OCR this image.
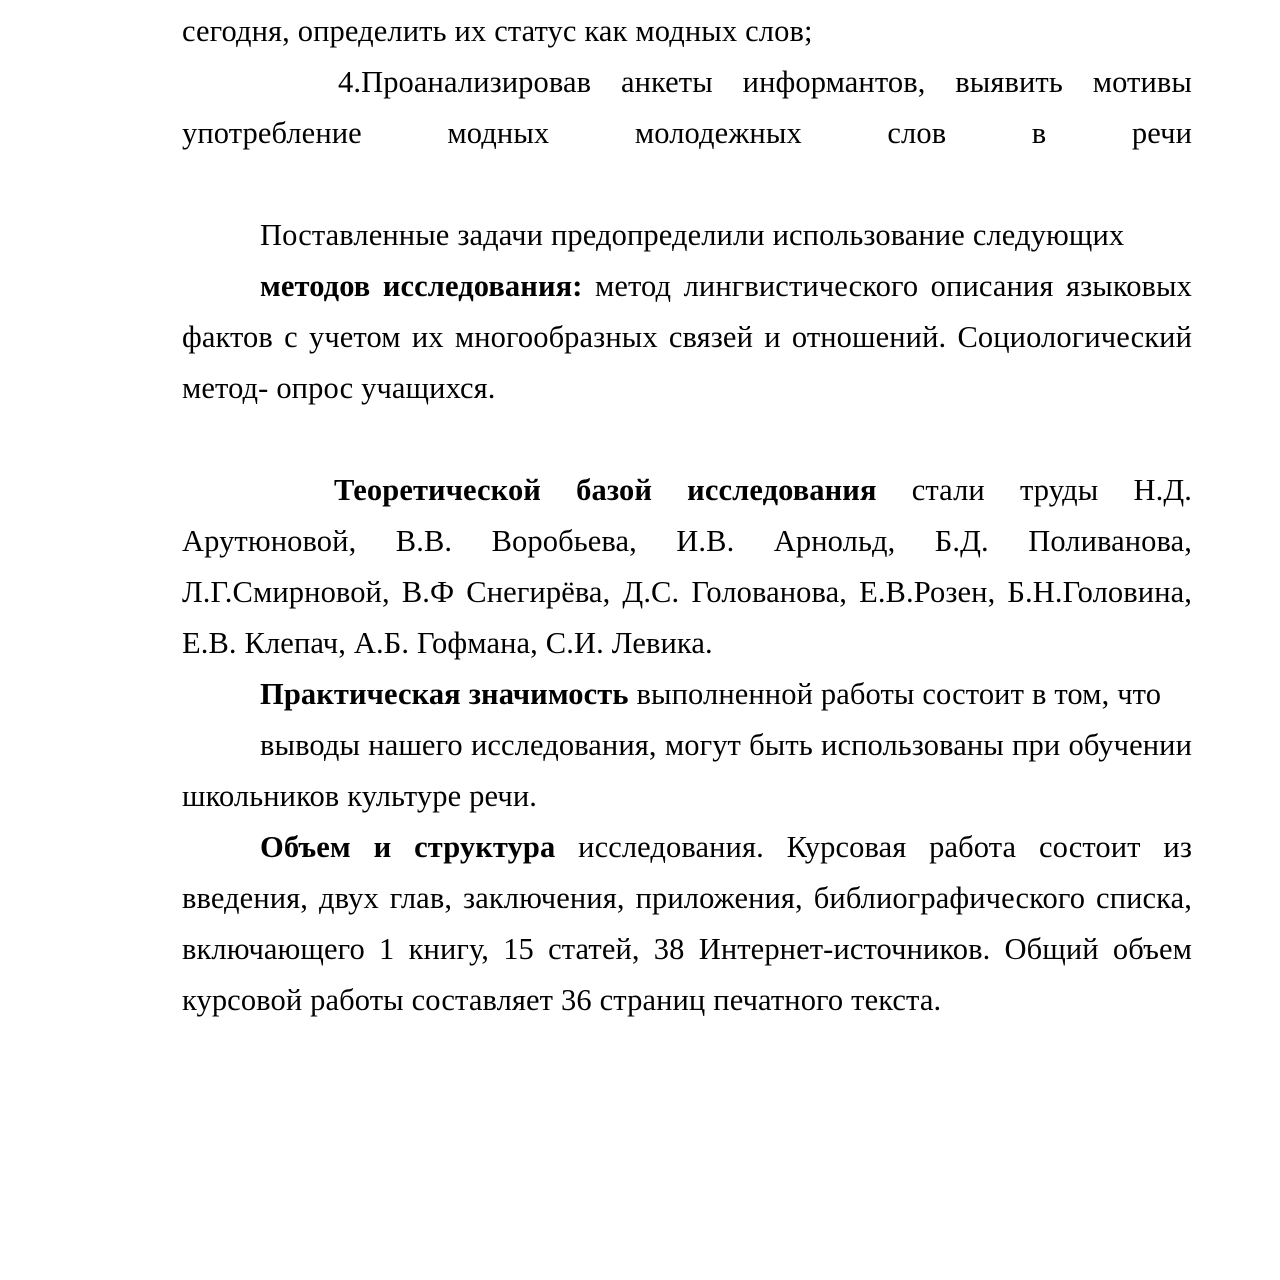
сегодня, определить их статус как модных слов;

4.Проанализировав анкеты информантов, выявить мотивы употребление модных молодежных слов в речи

Поставленные задачи предопределили использование следующих

методов исследования: метод лингвистического описания языковых фактов с учетом их многообразных связей и отношений. Социологический метод- опрос учащихся.

Теоретической базой исследования стали труды Н.Д. Арутюновой, В.В. Воробьева, И.В. Арнольд, Б.Д. Поливанова, Л.Г.Смирновой, В.Ф Снегирёва, Д.С. Голованова, Е.В.Розен, Б.Н.Головина, Е.В. Клепач, А.Б. Гофмана, С.И. Левика.

Практическая значимость выполненной работы состоит в том, что

выводы нашего исследования, могут быть использованы при обучении школьников культуре речи.

Объем и структура исследования. Курсовая работа состоит из введения, двух глав, заключения, приложения, библиографического списка, включающего 1 книгу, 15 статей, 38 Интернет-источников. Общий объем курсовой работы составляет 36 страниц печатного текста.
